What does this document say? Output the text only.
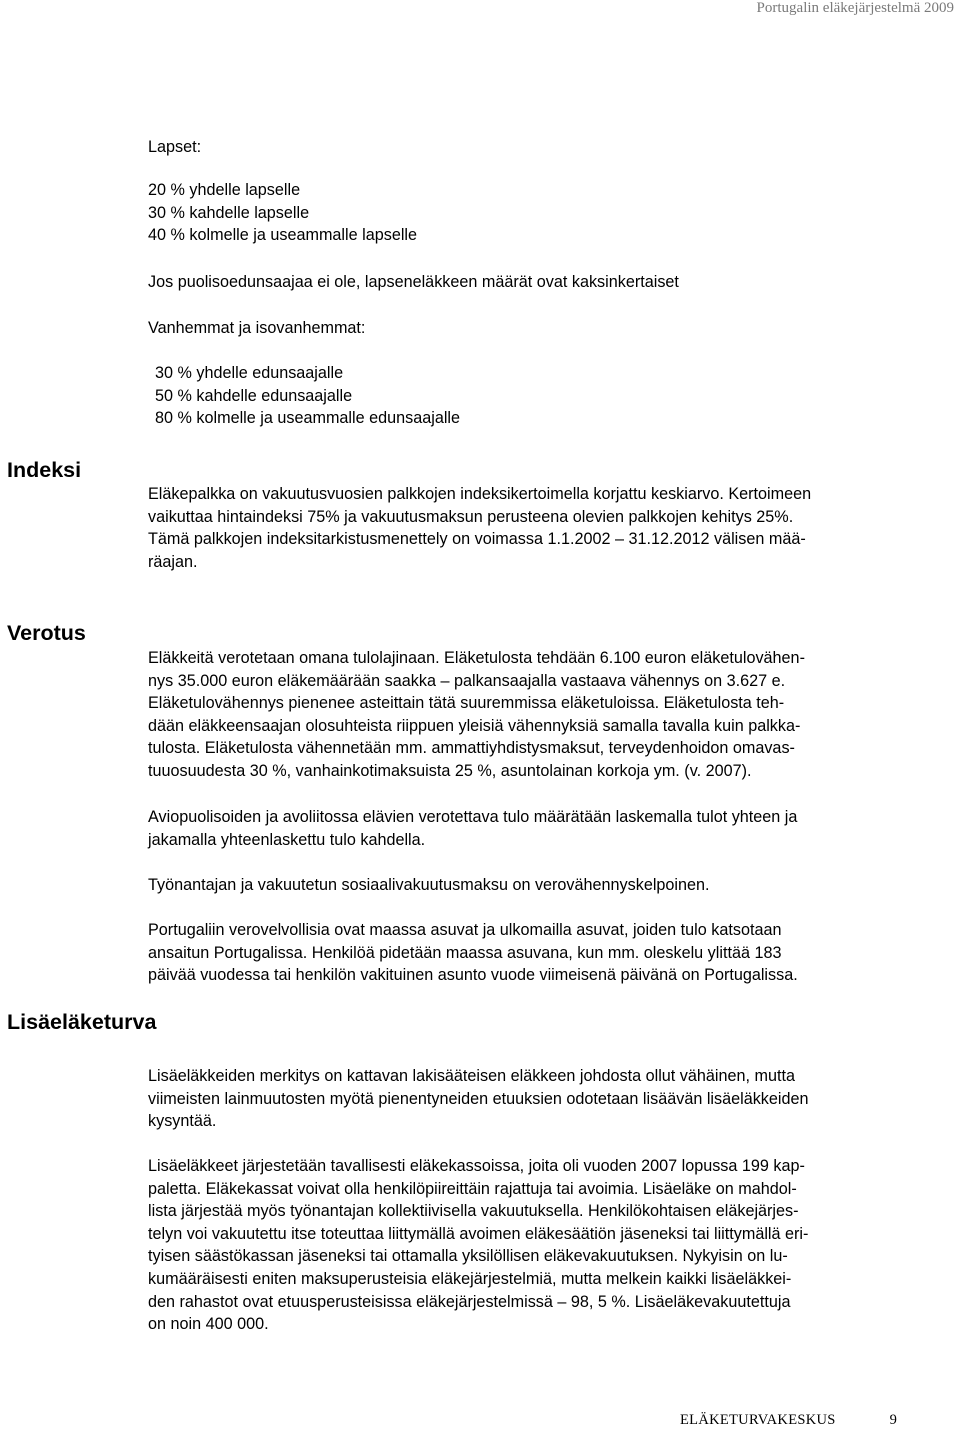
Portugalin eläkejärjestelmä 2009

Lapset:

20 % yhdelle lapselle
30 % kahdelle lapselle
40 % kolmelle ja useammalle lapselle

Jos puolisoedunsaajaa ei ole, lapseneläkkeen määrät ovat kaksinkertaiset

Vanhemmat ja isovanhemmat:

30 % yhdelle edunsaajalle
50 % kahdelle edunsaajalle
80 % kolmelle ja useammalle edunsaajalle
Indeksi
Eläkepalkka on vakuutusvuosien palkkojen indeksikertoimella korjattu keskiarvo. Kertoimeen
vaikuttaa hintaindeksi 75% ja vakuutusmaksun perusteena olevien palkkojen kehitys 25%.
Tämä palkkojen indeksitarkistusmenettely on voimassa 1.1.2002 – 31.12.2012 välisen mää-
räajan.
Verotus
Eläkkeitä verotetaan omana tulolajinaan. Eläketulosta tehdään 6.100 euron eläketulovähen-
nys 35.000 euron eläkemäärään saakka – palkansaajalla vastaava vähennys on 3.627 e.
Eläketulovähennys pienenee asteittain tätä suuremmissa eläketuloissa. Eläketulosta teh-
dään eläkkeensaajan olosuhteista riippuen yleisiä vähennyksiä samalla tavalla kuin palkka-
tulosta. Eläketulosta vähennetään mm. ammattiyhdistysmaksut, terveydenhoidon omavas-
tuuosuudesta 30 %, vanhainkotimaksuista 25 %, asuntolainan korkoja ym. (v. 2007).
Aviopuolisoiden ja avoliitossa elävien verotettava tulo määrätään laskemalla tulot yhteen ja
jakamalla yhteenlaskettu tulo kahdella.
Työnantajan ja vakuutetun sosiaalivakuutusmaksu on verovähennyskelpoinen.
Portugaliin verovelvollisia ovat maassa asuvat ja ulkomailla asuvat, joiden tulo katsotaan
ansaitun Portugalissa. Henkilöä pidetään maassa asuvana, kun mm. oleskelu ylittää 183
päivää vuodessa tai henkilön vakituinen asunto vuode viimeisenä päivänä on Portugalissa.
Lisäeläketurva
Lisäeläkkeiden merkitys on kattavan lakisääteisen eläkkeen johdosta ollut vähäinen, mutta
viimeisten lainmuutosten myötä pienentyneiden etuuksien odotetaan lisäävän lisäeläkkeiden
kysyntää.
Lisäeläkkeet järjestetään tavallisesti eläkekassoissa, joita oli vuoden 2007 lopussa 199 kap-
paletta. Eläkekassat voivat olla henkilöpiireittäin rajattuja tai avoimia. Lisäeläke on mahdol-
lista järjestää myös työnantajan kollektiivisella vakuutuksella. Henkilökohtaisen eläkejärjes-
telyn voi vakuutettu itse toteuttaa liittymällä avoimen eläkesäätiön jäseneksi tai liittymällä eri-
tyisen säästökassan jäseneksi tai ottamalla yksilöllisen eläkevakuutuksen. Nykyisin on lu-
kumääräisesti eniten maksuperusteisia eläkejärjestelmiä, mutta melkein kaikki lisäeläkkei-
den rahastot ovat etuusperusteisissa eläkejärjestelmissä – 98, 5 %. Lisäeläkevakuutettuja
on noin 400 000.
ELÄKETURVAKESKUS	9
